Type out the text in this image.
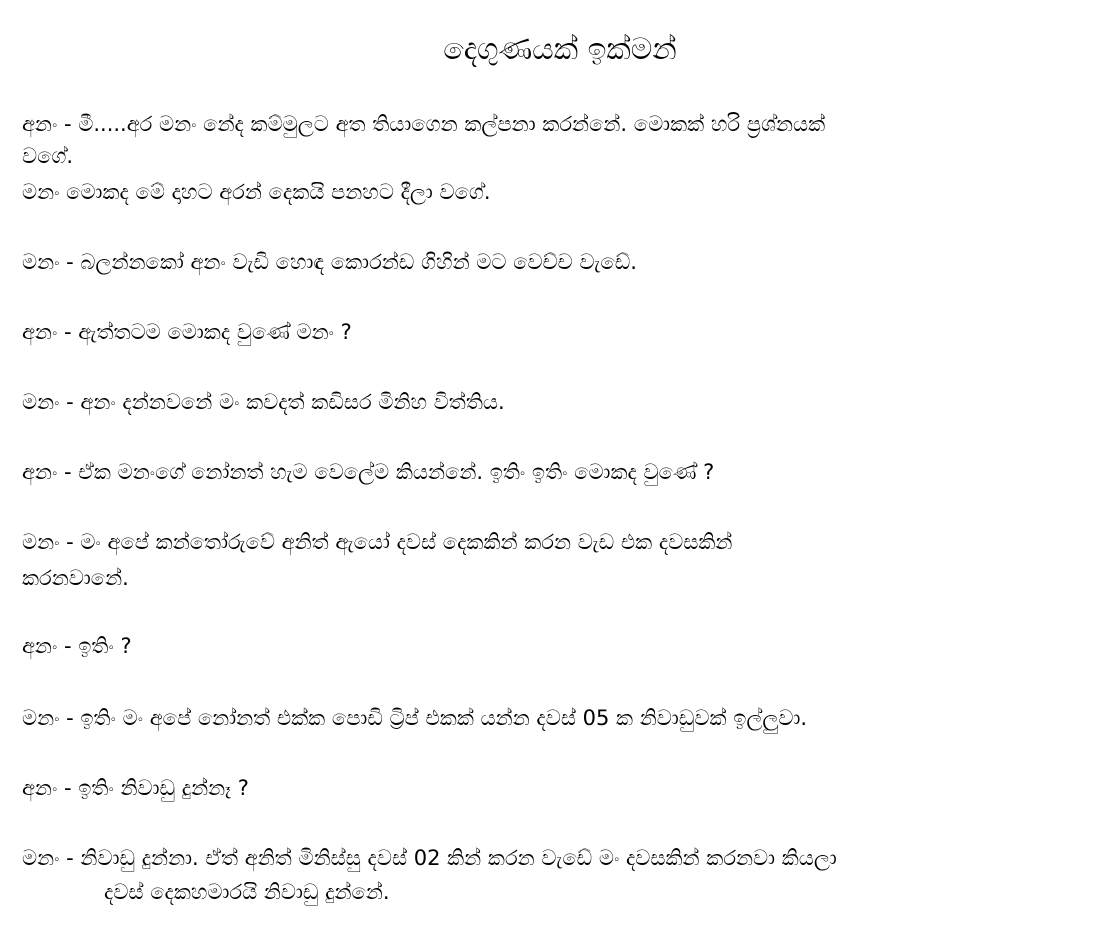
දෙගුණයක් ඉක්මන්
අනං - මී.....අර මනං නේද කම්මුලට අත තියාගෙන කල්පනා කරන්නේ. මොකක් හරි ප්‍රශ්නයක්
වගේ.
මනං මොකද මේ දාහට අරන් දෙකයි පනහට දීලා වගේ.
මනං - බලන්නකෝ අනං වැඩි හොඳ කොරන්ඩ ගිහින් මට වෙච්ච වැඩේ.
අනං - ඇත්තටම මොකද වුණේ මනං ?
මනං - අනං දන්නවනේ මං කවදත් කඩිසර මිනිහ විත්තිය.
අනං - ඒක මනංගේ නෝනත් හැම වෙලේම කියන්නේ. ඉතිං ඉතිං මොකද වුණේ ?
මනං - මං අපේ කන්තෝරුවේ අනිත් ඇයෝ දවස් දෙකකින් කරන වැඩ එක දවසකින්
කරනවානේ.
අනං - ඉතිං ?
මනං - ඉතිං මං අපේ නෝනත් එක්ක පොඩි ට්‍රිප් එකක් යන්න දවස් 05 ක නිවාඩුවක් ඉල්ලුවා.
අනං - ඉතිං නිවාඩු දුන්නෑ ?
මනං - නිවාඩු දුන්නා. ඒත් අනිත් මිනිස්සු දවස් 02 කින් කරන වැඩේ මං දවසකින් කරනවා කියලා
දවස් දෙකහමාරයි නිවාඩු දුන්නේ.
